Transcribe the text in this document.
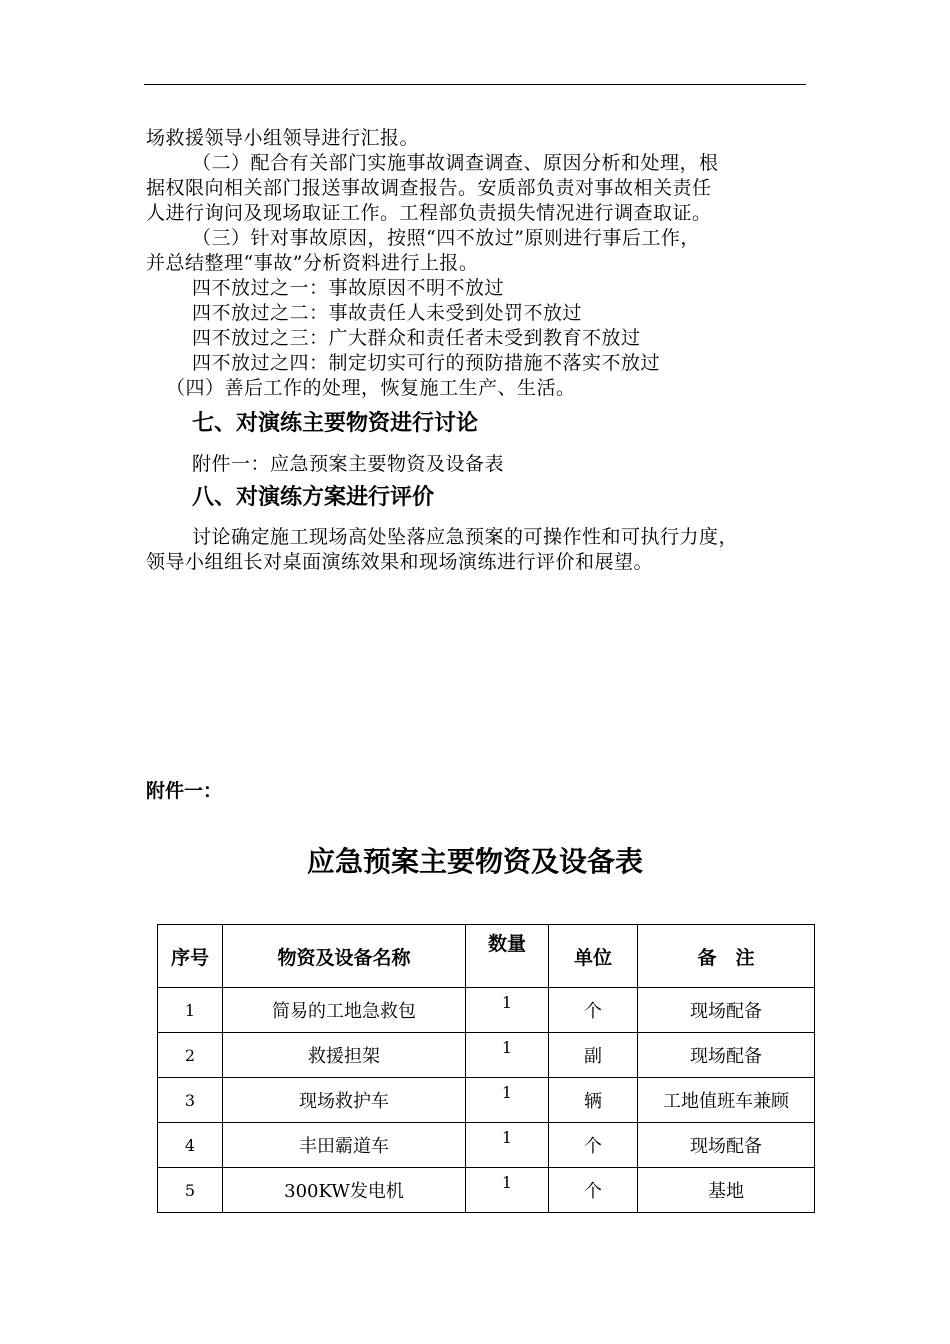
场救援领导小组领导进行汇报。
（二）配合有关部门实施事故调查调查、原因分析和处理，根
据权限向相关部门报送事故调查报告。安质部负责对事故相关责任
人进行询问及现场取证工作。工程部负责损失情况进行调查取证。
（三）针对事故原因，按照“四不放过”原则进行事后工作，
并总结整理“事故”分析资料进行上报。
四不放过之一：事故原因不明不放过
四不放过之二：事故责任人未受到处罚不放过
四不放过之三：广大群众和责任者未受到教育不放过
四不放过之四：制定切实可行的预防措施不落实不放过
（四）善后工作的处理，恢复施工生产、生活。
七、对演练主要物资进行讨论
附件一：应急预案主要物资及设备表
八、对演练方案进行评价
讨论确定施工现场高处坠落应急预案的可操作性和可执行力度，
领导小组组长对桌面演练效果和现场演练进行评价和展望。
附件一：
应急预案主要物资及设备表
序号	物资及设备名称	数量	单位	备　注
1	简易的工地急救包	1	个	现场配备
2	救援担架	1	副	现场配备
3	现场救护车	1	辆	工地值班车兼顾
4	丰田霸道车	1	个	现场配备
5	300KW发电机	1	个	基地
